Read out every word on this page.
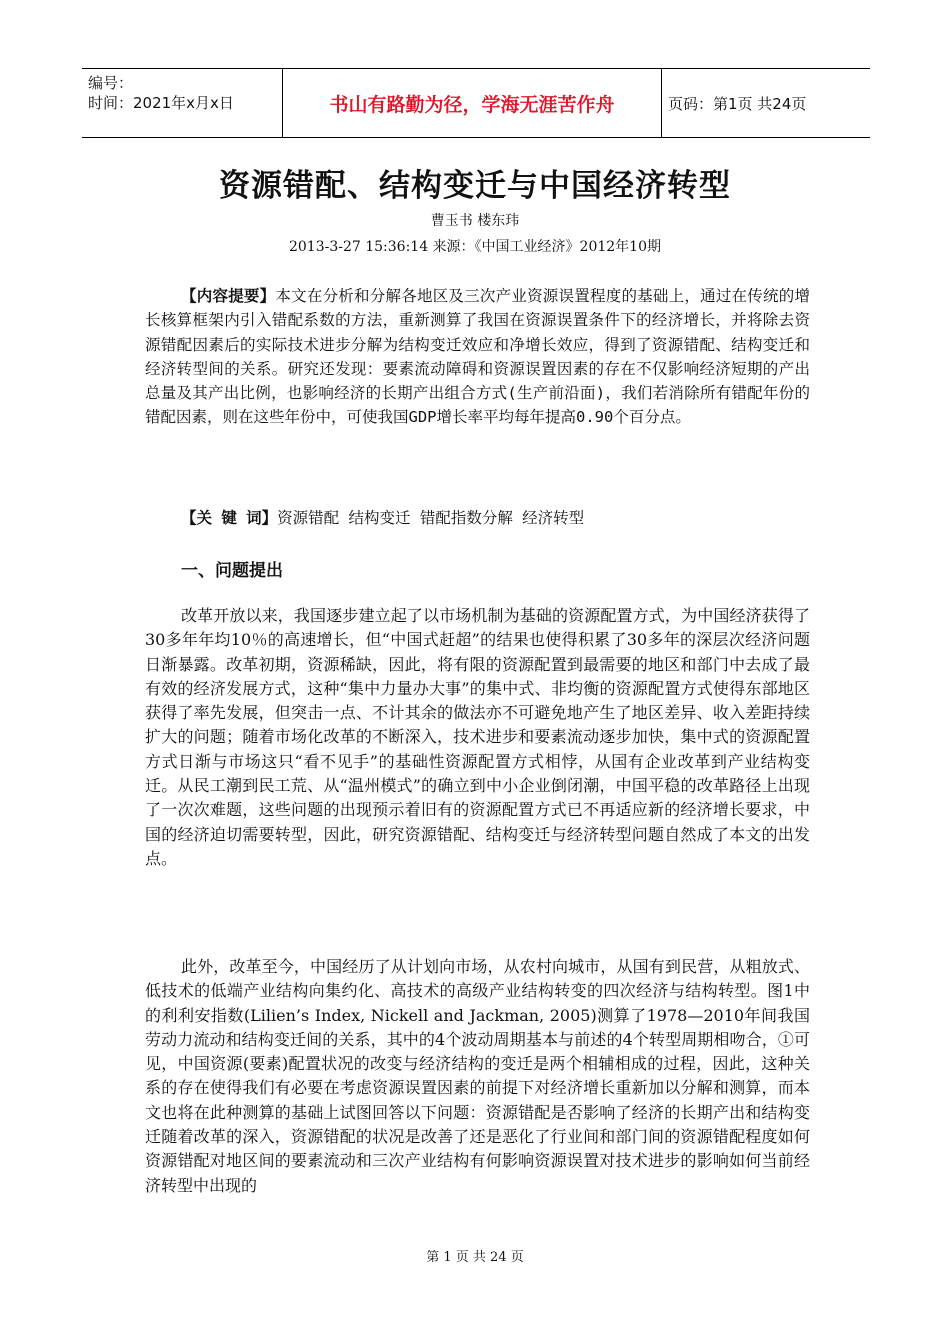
编号：
时间：2021年x月x日	书山有路勤为径，学海无涯苦作舟	页码：第1页 共24页
资源错配、结构变迁与中国经济转型
曹玉书 楼东玮
2013-3-27 15:36:14 来源：《中国工业经济》2012年10期

【内容提要】本文在分析和分解各地区及三次产业资源误置程度的基础上，通过在传统的增长核算框架内引入错配系数的方法，重新测算了我国在资源误置条件下的经济增长，并将除去资源错配因素后的实际技术进步分解为结构变迁效应和净增长效应，得到了资源错配、结构变迁和经济转型间的关系。研究还发现：要素流动障碍和资源误置因素的存在不仅影响经济短期的产出总量及其产出比例，也影响经济的长期产出组合方式(生产前沿面)，我们若消除所有错配年份的错配因素，则在这些年份中，可使我国GDP增长率平均每年提高0.90个百分点。

【关 键 词】资源错配 结构变迁 错配指数分解 经济转型
一、问题提出

改革开放以来，我国逐步建立起了以市场机制为基础的资源配置方式，为中国经济获得了30多年年均10％的高速增长，但“中国式赶超”的结果也使得积累了30多年的深层次经济问题日渐暴露。改革初期，资源稀缺，因此，将有限的资源配置到最需要的地区和部门中去成了最有效的经济发展方式，这种“集中力量办大事”的集中式、非均衡的资源配置方式使得东部地区获得了率先发展，但突击一点、不计其余的做法亦不可避免地产生了地区差异、收入差距持续扩大的问题；随着市场化改革的不断深入，技术进步和要素流动逐步加快，集中式的资源配置方式日渐与市场这只“看不见手”的基础性资源配置方式相悖，从国有企业改革到产业结构变迁。从民工潮到民工荒、从“温州模式”的确立到中小企业倒闭潮，中国平稳的改革路径上出现了一次次难题，这些问题的出现预示着旧有的资源配置方式已不再适应新的经济增长要求，中国的经济迫切需要转型，因此，研究资源错配、结构变迁与经济转型问题自然成了本文的出发点。

此外，改革至今，中国经历了从计划向市场，从农村向城市，从国有到民营，从粗放式、低技术的低端产业结构向集约化、高技术的高级产业结构转变的四次经济与结构转型。图1中的利利安指数(Lilien’s Index, Nickell and Jackman, 2005)测算了1978—2010年间我国劳动力流动和结构变迁间的关系，其中的4个波动周期基本与前述的4个转型周期相吻合，①可见，中国资源(要素)配置状况的改变与经济结构的变迁是两个相辅相成的过程，因此，这种关系的存在使得我们有必要在考虑资源误置因素的前提下对经济增长重新加以分解和测算，而本文也将在此种测算的基础上试图回答以下问题：资源错配是否影响了经济的长期产出和结构变迁随着改革的深入，资源错配的状况是改善了还是恶化了行业间和部门间的资源错配程度如何资源错配对地区间的要素流动和三次产业结构有何影响资源误置对技术进步的影响如何当前经济转型中出现的

第 1 页 共 24 页
